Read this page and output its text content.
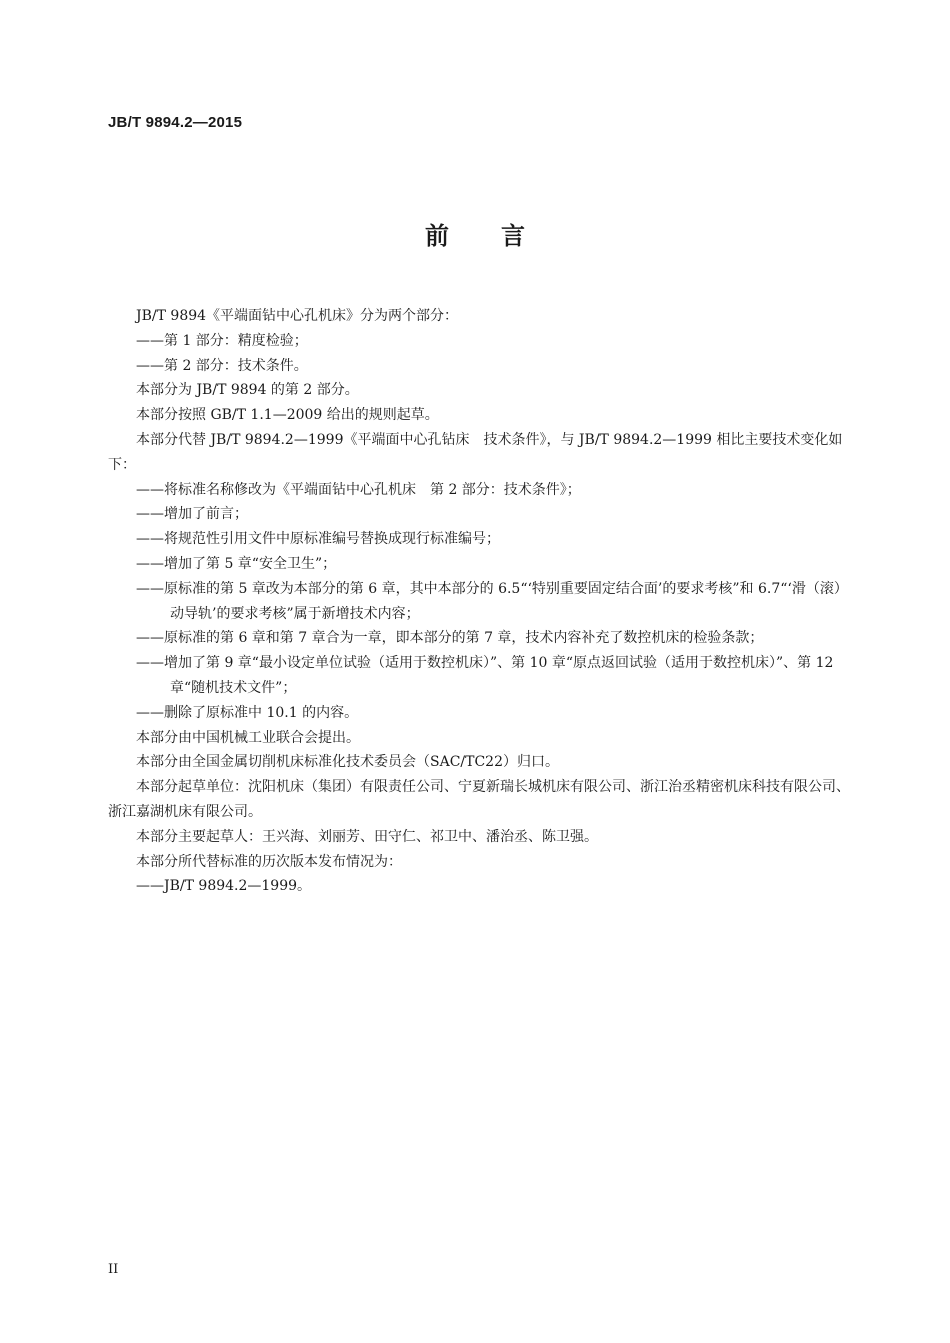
JB/T 9894.2—2015
前 言

JB/T 9894《平端面钻中心孔机床》分为两个部分：

——第 1 部分：精度检验；

——第 2 部分：技术条件。

本部分为 JB/T 9894 的第 2 部分。

本部分按照 GB/T 1.1—2009 给出的规则起草。

本部分代替 JB/T 9894.2—1999《平端面中心孔钻床　技术条件》，与 JB/T 9894.2—1999 相比主要技术变化如下：

——将标准名称修改为《平端面钻中心孔机床　第 2 部分：技术条件》；

——增加了前言；

——将规范性引用文件中原标准编号替换成现行标准编号；

——增加了第 5 章“安全卫生”；

——原标准的第 5 章改为本部分的第 6 章，其中本部分的 6.5“‘特别重要固定结合面’的要求考核”和 6.7“‘滑（滚）动导轨’的要求考核”属于新增技术内容；

——原标准的第 6 章和第 7 章合为一章，即本部分的第 7 章，技术内容补充了数控机床的检验条款；

——增加了第 9 章“最小设定单位试验（适用于数控机床）”、第 10 章“原点返回试验（适用于数控机床）”、第 12 章“随机技术文件”；

——删除了原标准中 10.1 的内容。

本部分由中国机械工业联合会提出。

本部分由全国金属切削机床标准化技术委员会（SAC/TC22）归口。

本部分起草单位：沈阳机床（集团）有限责任公司、宁夏新瑞长城机床有限公司、浙江治丞精密机床科技有限公司、浙江嘉湖机床有限公司。

本部分主要起草人：王兴海、刘丽芳、田守仁、祁卫中、潘治丞、陈卫强。

本部分所代替标准的历次版本发布情况为：

——JB/T 9894.2—1999。

II
